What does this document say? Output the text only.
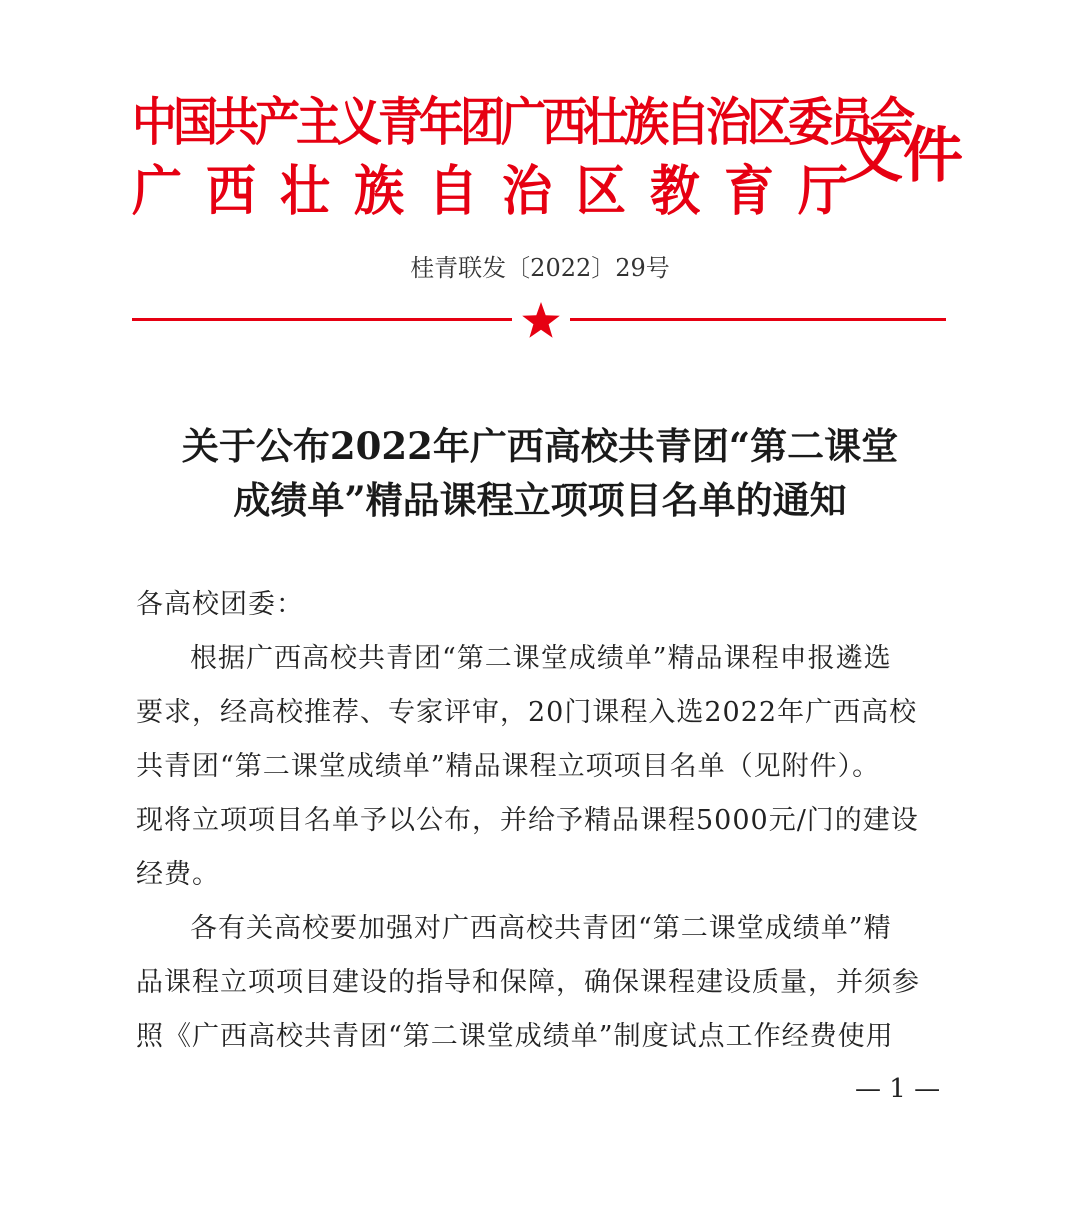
中国共产主义青年团广西壮族自治区委员会
广西壮族自治区教育厅
文件
桂青联发〔2022〕29号
关于公布2022年广西高校共青团“第二课堂
成绩单”精品课程立项项目名单的通知
各高校团委：
根据广西高校共青团“第二课堂成绩单”精品课程申报遴选
要求，经高校推荐、专家评审，20门课程入选2022年广西高校
共青团“第二课堂成绩单”精品课程立项项目名单（见附件）。
现将立项项目名单予以公布，并给予精品课程5000元/门的建设
经费。
各有关高校要加强对广西高校共青团“第二课堂成绩单”精
品课程立项项目建设的指导和保障，确保课程建设质量，并须参
照《广西高校共青团“第二课堂成绩单”制度试点工作经费使用
— 1 —
